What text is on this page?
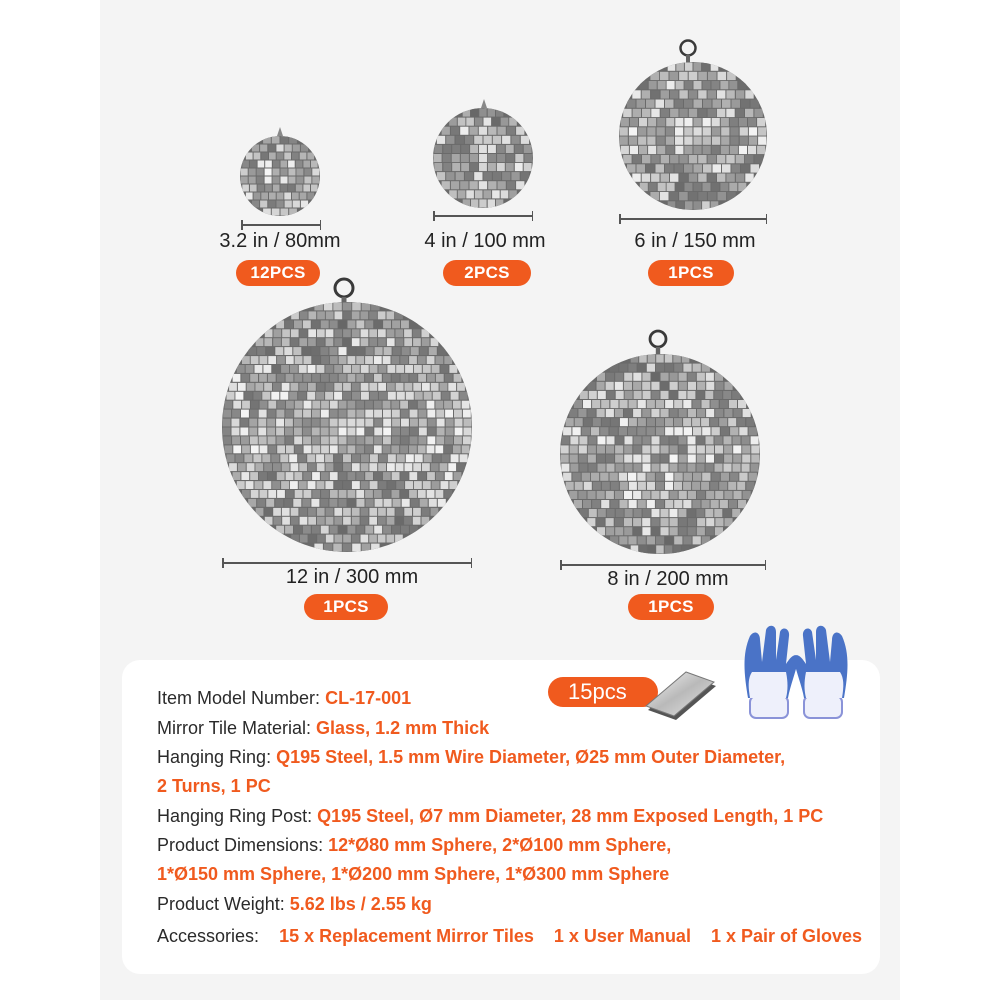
3.2 in / 80mm
12PCS
4 in / 100 mm
2PCS
6 in / 150 mm
1PCS
12 in / 300 mm
1PCS
8 in / 200 mm
1PCS
15pcs
Item Model Number: CL-17-001
Mirror Tile Material: Glass, 1.2 mm Thick
Hanging Ring: Q195 Steel, 1.5 mm Wire Diameter, Ø25 mm Outer Diameter,
2 Turns, 1 PC
Hanging Ring Post: Q195 Steel, Ø7 mm Diameter, 28 mm Exposed Length, 1 PC
Product Dimensions: 12*Ø80 mm Sphere, 2*Ø100 mm Sphere,
1*Ø150 mm Sphere, 1*Ø200 mm Sphere, 1*Ø300 mm Sphere
Product Weight: 5.62 lbs / 2.55 kg
Accessories: 15 x Replacement Mirror Tiles 1 x User Manual 1 x Pair of Gloves
